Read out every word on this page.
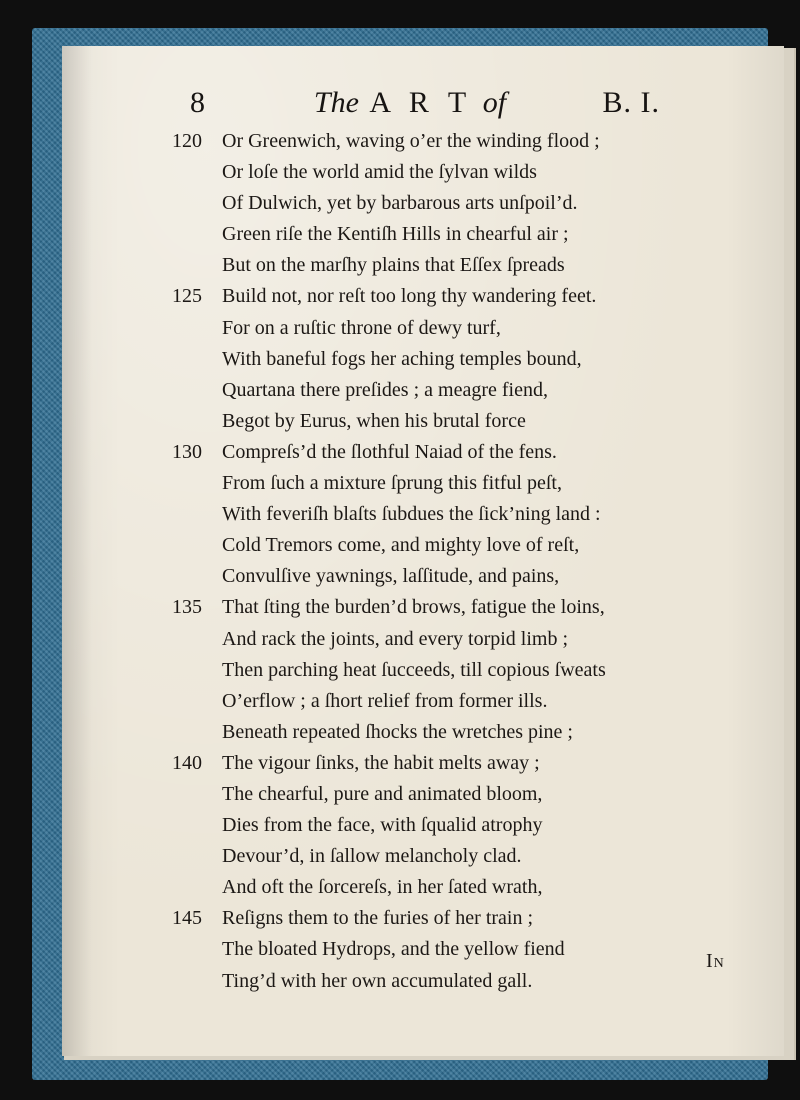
8	The A R T of	B. I.
120	Or Greenwich, waving o’er the winding flood ;
Or loſe the world amid the ſylvan wilds
Of Dulwich, yet by barbarous arts unſpoil’d.
Green riſe the Kentiſh Hills in chearful air ;
But on the marſhy plains that Eſſex ſpreads
125	Build not, nor reſt too long thy wandering feet.
For on a ruſtic throne of dewy turf,
With baneful fogs her aching temples bound,
Quartana there preſides ; a meagre fiend,
Begot by Eurus, when his brutal force
130	Compreſs’d the ſlothful Naiad of the fens.
From ſuch a mixture ſprung this fitful peſt,
With feveriſh blaſts ſubdues the ſick’ning land :
Cold Tremors come, and mighty love of reſt,
Convulſive yawnings, laſſitude, and pains,
135	That ſting the burden’d brows, fatigue the loins,
And rack the joints, and every torpid limb ;
Then parching heat ſucceeds, till copious ſweats
O’erflow ; a ſhort relief from former ills.
Beneath repeated ſhocks the wretches pine ;
140	The vigour ſinks, the habit melts away ;
The chearful, pure and animated bloom,
Dies from the face, with ſqualid atrophy
Devour’d, in ſallow melancholy clad.
And oft the ſorcereſs, in her ſated wrath,
145	Reſigns them to the furies of her train ;
The bloated Hydrops, and the yellow fiend
Ting’d with her own accumulated gall.
In
